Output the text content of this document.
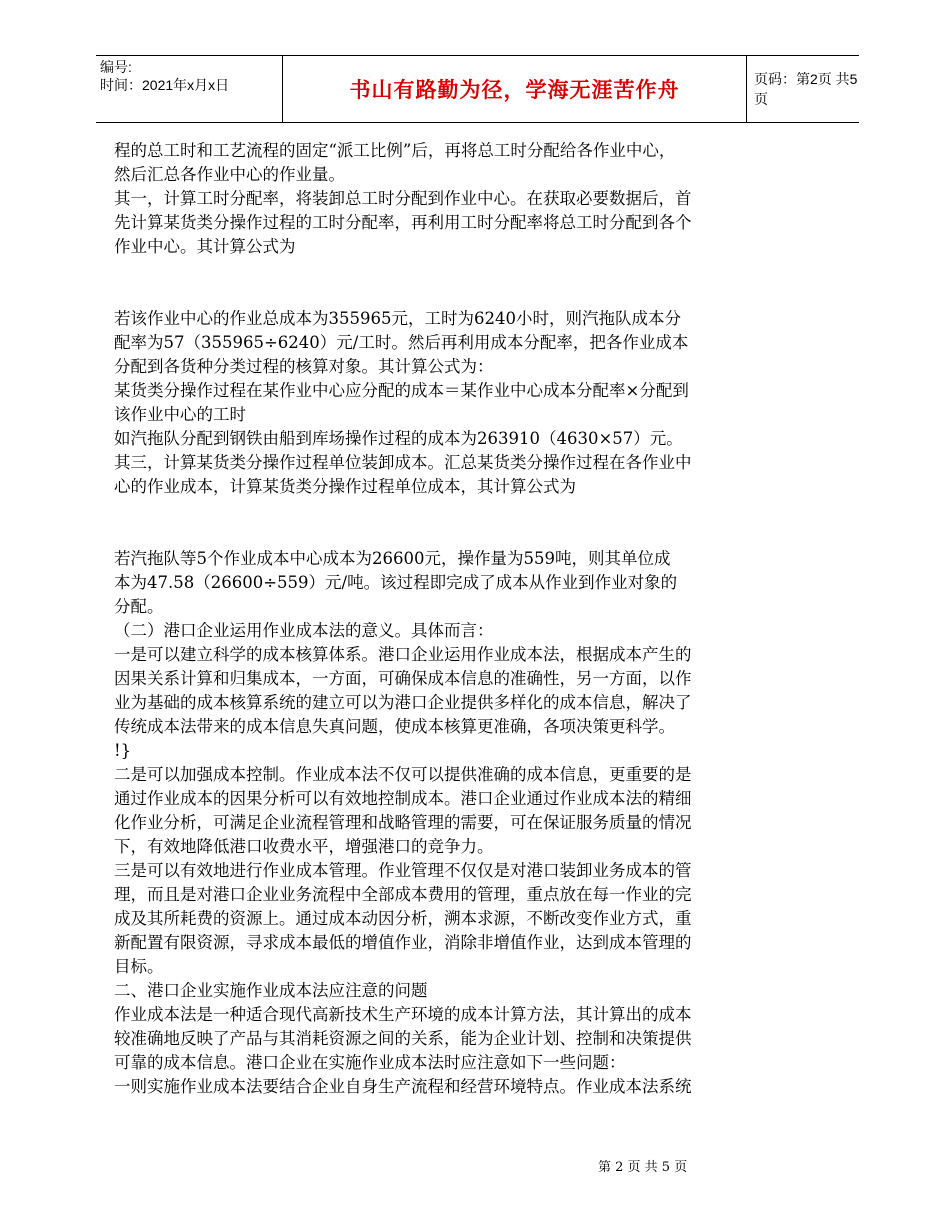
编号:
时间：2021年x月x日	书山有路勤为径，学海无涯苦作舟	页码：第2页 共5页

程的总工时和工艺流程的固定“派工比例”后，再将总工时分配给各作业中心，

然后汇总各作业中心的作业量。

其一，计算工时分配率，将装卸总工时分配到作业中心。在获取必要数据后，首

先计算某货类分操作过程的工时分配率，再利用工时分配率将总工时分配到各个

作业中心。其计算公式为

若该作业中心的作业总成本为355965元，工时为6240小时，则汽拖队成本分

配率为57（355965÷6240）元/工时。然后再利用成本分配率，把各作业成本

分配到各货种分类过程的核算对象。其计算公式为：

某货类分操作过程在某作业中心应分配的成本＝某作业中心成本分配率×分配到

该作业中心的工时

如汽拖队分配到钢铁由船到库场操作过程的成本为263910（4630×57）元。

其三，计算某货类分操作过程单位装卸成本。汇总某货类分操作过程在各作业中

心的作业成本，计算某货类分操作过程单位成本，其计算公式为

若汽拖队等5个作业成本中心成本为26600元，操作量为559吨，则其单位成

本为47.58（26600÷559）元/吨。该过程即完成了成本从作业到作业对象的

分配。

（二）港口企业运用作业成本法的意义。具体而言：

一是可以建立科学的成本核算体系。港口企业运用作业成本法，根据成本产生的

因果关系计算和归集成本，一方面，可确保成本信息的准确性，另一方面，以作

业为基础的成本核算系统的建立可以为港口企业提供多样化的成本信息，解决了

传统成本法带来的成本信息失真问题，使成本核算更准确，各项决策更科学。

!}

二是可以加强成本控制。作业成本法不仅可以提供准确的成本信息，更重要的是

通过作业成本的因果分析可以有效地控制成本。港口企业通过作业成本法的精细

化作业分析，可满足企业流程管理和战略管理的需要，可在保证服务质量的情况

下，有效地降低港口收费水平，增强港口的竞争力。

三是可以有效地进行作业成本管理。作业管理不仅仅是对港口装卸业务成本的管

理，而且是对港口企业业务流程中全部成本费用的管理，重点放在每一作业的完

成及其所耗费的资源上。通过成本动因分析，溯本求源，不断改变作业方式，重

新配置有限资源，寻求成本最低的增值作业，消除非增值作业，达到成本管理的

目标。

二、港口企业实施作业成本法应注意的问题

作业成本法是一种适合现代高新技术生产环境的成本计算方法，其计算出的成本

较准确地反映了产品与其消耗资源之间的关系，能为企业计划、控制和决策提供

可靠的成本信息。港口企业在实施作业成本法时应注意如下一些问题：

一则实施作业成本法要结合企业自身生产流程和经营环境特点。作业成本法系统

第 2 页 共 5 页
